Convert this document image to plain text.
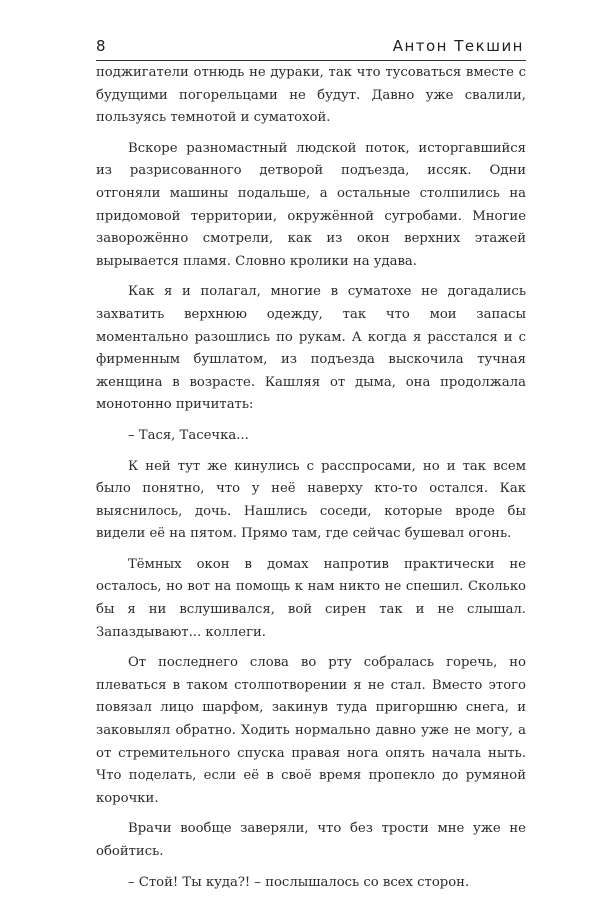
8	Антон Текшин

поджигатели отнюдь не дураки, так что тусоваться вместе с будущими погорельцами не будут. Давно уже свалили, пользуясь темнотой и суматохой.

Вскоре разномастный людской поток, исторгавшийся из разрисованного детворой подъезда, иссяк. Одни отгоняли машины подальше, а остальные столпились на придомовой территории, окружённой сугробами. Многие заворожённо смотрели, как из окон верхних этажей вырывается пламя. Словно кролики на удава.

Как я и полагал, многие в суматохе не догадались захватить верхнюю одежду, так что мои запасы моментально разошлись по рукам. А когда я расстался и с фирменным бушлатом, из подъезда выскочила тучная женщина в возрасте. Кашляя от дыма, она продолжала монотонно причитать:

– Тася, Тасечка...

К ней тут же кинулись с расспросами, но и так всем было понятно, что у неё наверху кто-то остался. Как выяснилось, дочь. Нашлись соседи, которые вроде бы видели её на пятом. Прямо там, где сейчас бушевал огонь.

Тёмных окон в домах напротив практически не осталось, но вот на помощь к нам никто не спешил. Сколько бы я ни вслушивался, вой сирен так и не слышал. Запаздывают... коллеги.

От последнего слова во рту собралась горечь, но плеваться в таком столпотворении я не стал. Вместо этого повязал лицо шарфом, закинув туда пригоршню снега, и заковылял обратно. Ходить нормально давно уже не могу, а от стремительного спуска правая нога опять начала ныть. Что поделать, если её в своё время пропекло до румяной корочки.

Врачи вообще заверяли, что без трости мне уже не обойтись.

– Стой! Ты куда?! – послышалось со всех сторон.
